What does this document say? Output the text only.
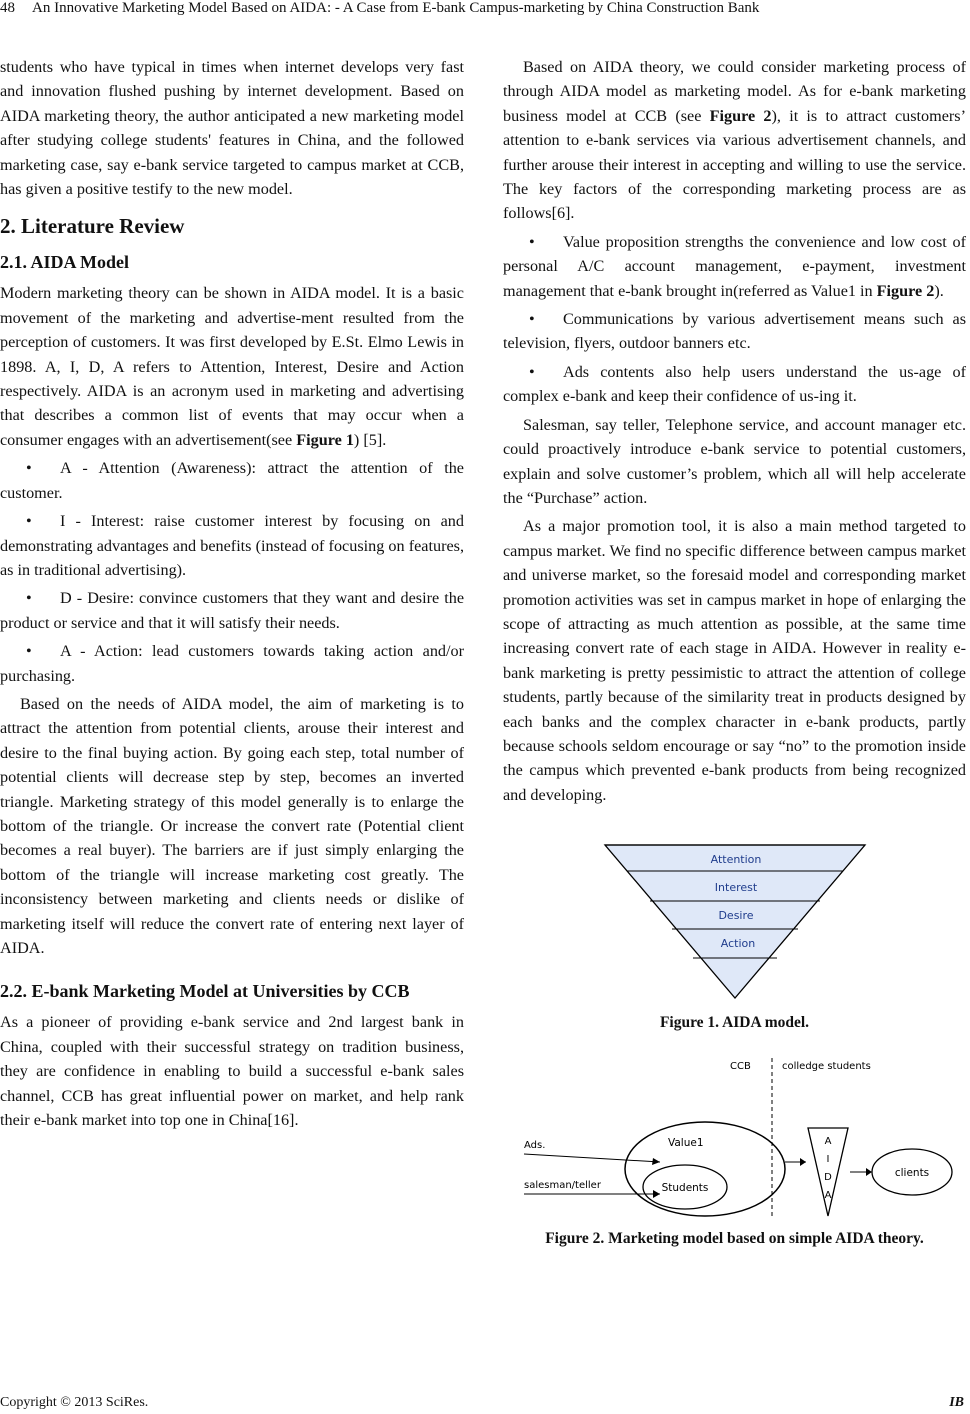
48 An Innovative Marketing Model Based on AIDA: - A Case from E-bank Campus-marketing by China Construction Bank

students who have typical in times when internet develops very fast and innovation flushed pushing by internet development. Based on AIDA marketing theory, the author anticipated a new marketing model after studying college students' features in China, and the followed marketing case, say e-bank service targeted to campus market at CCB, has given a positive testify to the new model.

2. Literature Review
2.1. AIDA Model

Modern marketing theory can be shown in AIDA model. It is a basic movement of the marketing and advertise-ment resulted from the perception of customers. It was first developed by E.St. Elmo Lewis in 1898. A, I, D, A refers to Attention, Interest, Desire and Action respectively. AIDA is an acronym used in marketing and advertising that describes a common list of events that may occur when a consumer engages with an advertisement(see Figure 1) [5].

• A - Attention (Awareness): attract the attention of the customer.

• I - Interest: raise customer interest by focusing on and demonstrating advantages and benefits (instead of focusing on features, as in traditional advertising).

• D - Desire: convince customers that they want and desire the product or service and that it will satisfy their needs.

• A - Action: lead customers towards taking action and/or purchasing.

Based on the needs of AIDA model, the aim of marketing is to attract the attention from potential clients, arouse their interest and desire to the final buying action. By going each step, total number of potential clients will decrease step by step, becomes an inverted triangle. Marketing strategy of this model generally is to enlarge the bottom of the triangle. Or increase the convert rate (Potential client becomes a real buyer). The barriers are if just simply enlarging the bottom of the triangle will increase marketing cost greatly. The inconsistency between marketing and clients needs or dislike of marketing itself will reduce the convert rate of entering next layer of AIDA.

2.2. E-bank Marketing Model at Universities by CCB

As a pioneer of providing e-bank service and 2nd largest bank in China, coupled with their successful strategy on tradition business, they are confidence in enabling to build a successful e-bank sales channel, CCB has great influential power on market, and help rank their e-bank market into top one in China[16].

Based on AIDA theory, we could consider marketing process of through AIDA model as marketing model. As for e-bank marketing business model at CCB (see Figure 2), it is to attract customers’ attention to e-bank services via various advertisement channels, and further arouse their interest in accepting and willing to use the service. The key factors of the corresponding marketing process are as follows[6].

• Value proposition strengths the convenience and low cost of personal A/C account management, e-payment, investment management that e-bank brought in(referred as Value1 in Figure 2).

• Communications by various advertisement means such as television, flyers, outdoor banners etc.

• Ads contents also help users understand the us-age of complex e-bank and keep their confidence of us-ing it.

Salesman, say teller, Telephone service, and account manager etc. could proactively introduce e-bank service to potential customers, explain and solve customer’s problem, which all will help accelerate the “Purchase” action.

As a major promotion tool, it is also a main method targeted to campus market. We find no specific difference between campus market and universe market, so the foresaid model and corresponding market promotion activities was set in campus market in hope of enlarging the scope of attracting as much attention as possible, at the same time increasing convert rate of each stage in AIDA. However in reality e-bank marketing is pretty pessimistic to attract the attention of college students, partly because of the similarity treat in products designed by each banks and the complex character in e-bank products, partly because schools seldom encourage or say “no” to the promotion inside the campus which prevented e-bank products from being recognized and developing.

Attention
Interest
Desire
Action
Figure 1. AIDA model.
CCB	colledge students
Ads.
salesman/teller
Value1
Students
A
I
D
A
clients
Figure 2. Marketing model based on simple AIDA theory.
Copyright © 2013 SciRes.	IB
